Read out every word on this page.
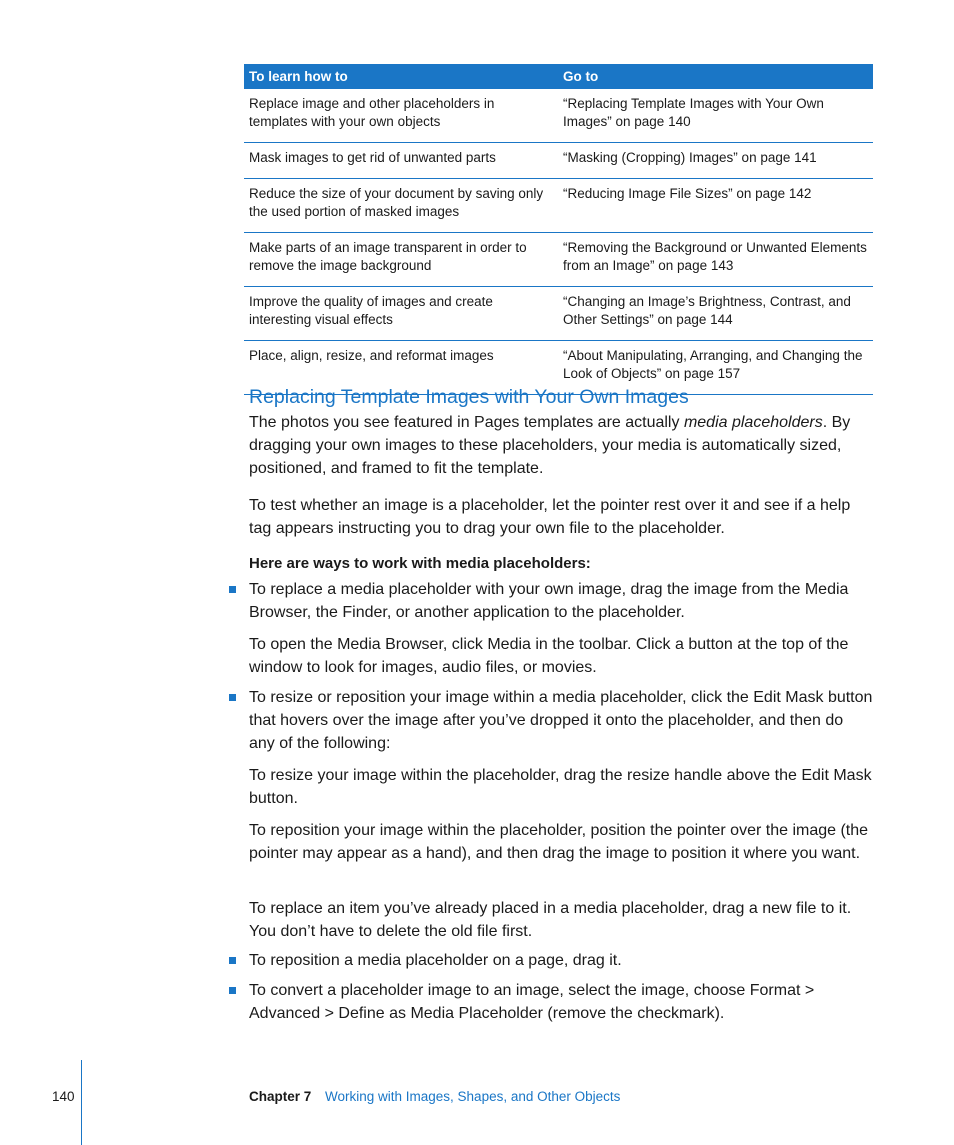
To learn how to	Go to
Replace image and other placeholders in templates with your own objects	“Replacing Template Images with Your Own Images” on page 140
Mask images to get rid of unwanted parts	“Masking (Cropping) Images” on page 141
Reduce the size of your document by saving only the used portion of masked images	“Reducing Image File Sizes” on page 142
Make parts of an image transparent in order to remove the image background	“Removing the Background or Unwanted Elements from an Image” on page 143
Improve the quality of images and create interesting visual effects	“Changing an Image’s Brightness, Contrast, and Other Settings” on page 144
Place, align, resize, and reformat images	“About Manipulating, Arranging, and Changing the Look of Objects” on page 157
Replacing Template Images with Your Own Images
The photos you see featured in Pages templates are actually media placeholders. By dragging your own images to these placeholders, your media is automatically sized, positioned, and framed to fit the template.
To test whether an image is a placeholder, let the pointer rest over it and see if a help tag appears instructing you to drag your own file to the placeholder.
Here are ways to work with media placeholders:
To replace a media placeholder with your own image, drag the image from the Media Browser, the Finder, or another application to the placeholder.
To open the Media Browser, click Media in the toolbar. Click a button at the top of the window to look for images, audio files, or movies.
To resize or reposition your image within a media placeholder, click the Edit Mask button that hovers over the image after you’ve dropped it onto the placeholder, and then do any of the following:
To resize your image within the placeholder, drag the resize handle above the Edit Mask button.
To reposition your image within the placeholder, position the pointer over the image (the pointer may appear as a hand), and then drag the image to position it where you want.
To replace an item you’ve already placed in a media placeholder, drag a new file to it. You don’t have to delete the old file first.
To reposition a media placeholder on a page, drag it.
To convert a placeholder image to an image, select the image, choose Format > Advanced > Define as Media Placeholder (remove the checkmark).
140	Chapter 7 Working with Images, Shapes, and Other Objects
